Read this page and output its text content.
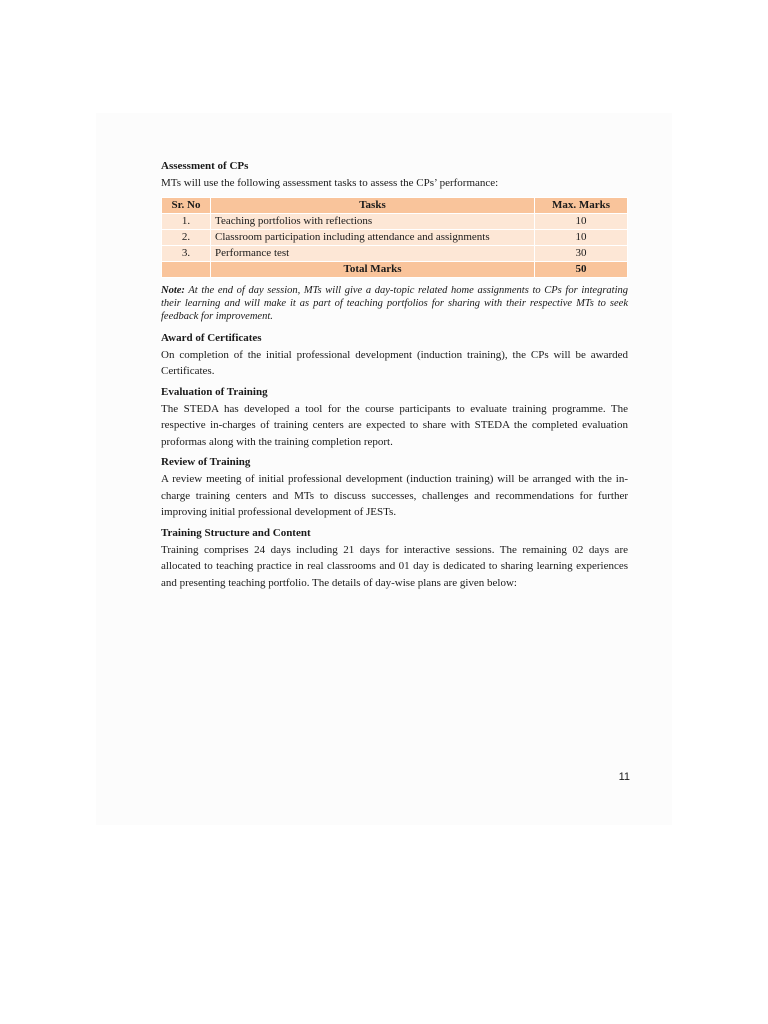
Assessment of CPs

MTs will use the following assessment tasks to assess the CPs’ performance:

Sr. No	Tasks	Max. Marks
1.	Teaching portfolios with reflections	10
2.	Classroom participation including attendance and assignments	10
3.	Performance test	30
	Total Marks	50

Note: At the end of day session, MTs will give a day-topic related home assignments to CPs for integrating their learning and will make it as part of teaching portfolios for sharing with their respective MTs to seek feedback for improvement.

Award of Certificates

On completion of the initial professional development (induction training), the CPs will be awarded Certificates.

Evaluation of Training

The STEDA has developed a tool for the course participants to evaluate training programme. The respective in-charges of training centers are expected to share with STEDA the completed evaluation proformas along with the training completion report.

Review of Training

A review meeting of initial professional development (induction training) will be arranged with the in-charge training centers and MTs to discuss successes, challenges and recommendations for further improving initial professional development of JESTs.

Training Structure and Content

Training comprises 24 days including 21 days for interactive sessions. The remaining 02 days are allocated to teaching practice in real classrooms and 01 day is dedicated to sharing learning experiences and presenting teaching portfolio. The details of day-wise plans are given below:

11
